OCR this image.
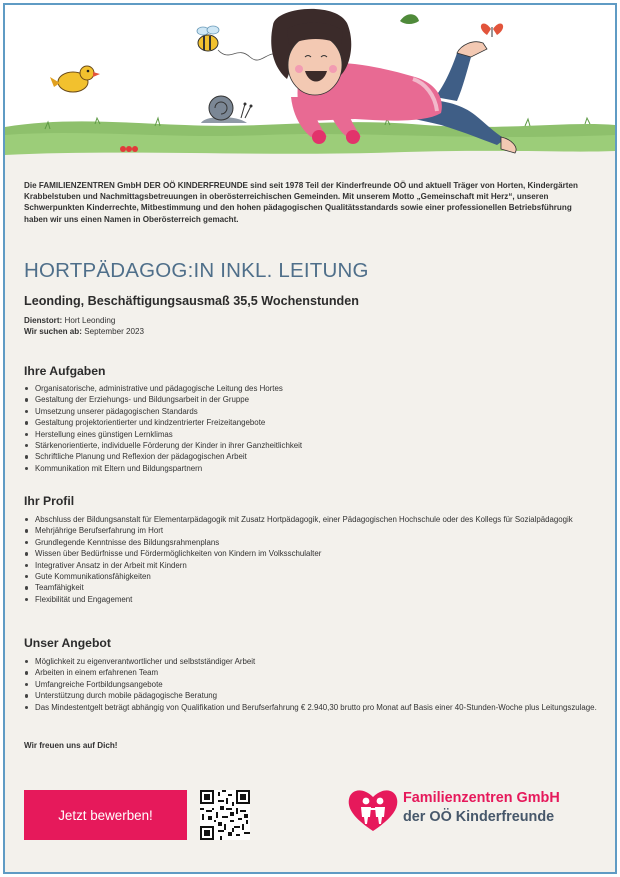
Die FAMILIENZENTREN GmbH DER OÖ KINDERFREUNDE sind seit 1978 Teil der Kinderfreunde OÖ und aktuell Träger von Horten, Kindergärten Krabbelstuben und Nachmittagsbetreuungen in oberösterreichischen Gemeinden. Mit unserem Motto „Gemeinschaft mit Herz“, unseren Schwerpunkten Kinderrechte, Mitbestimmung und den hohen pädagogischen Qualitätsstandards sowie einer professionellen Betriebsführung haben wir uns einen Namen in Oberösterreich gemacht.

HORTPÄDAGOG:IN INKL. LEITUNG
Leonding, Beschäftigungsausmaß 35,5 Wochenstunden
Dienstort: Hort Leonding
Wir suchen ab: September 2023
Ihre Aufgaben
Organisatorische, administrative und pädagogische Leitung des Hortes
Gestaltung der Erziehungs- und Bildungsarbeit in der Gruppe
Umsetzung unserer pädagogischen Standards
Gestaltung projektorientierter und kindzentrierter Freizeitangebote
Herstellung eines günstigen Lernklimas
Stärkenorientierte, individuelle Förderung der Kinder in ihrer Ganzheitlichkeit
Schriftliche Planung und Reflexion der pädagogischen Arbeit
Kommunikation mit Eltern und Bildungspartnern
Ihr Profil
Abschluss der Bildungsanstalt für Elementarpädagogik mit Zusatz Hortpädagogik, einer Pädagogischen Hochschule oder des Kollegs für Sozialpädagogik
Mehrjährige Berufserfahrung im Hort
Grundlegende Kenntnisse des Bildungsrahmenplans
Wissen über Bedürfnisse und Fördermöglichkeiten von Kindern im Volksschulalter
Integrativer Ansatz in der Arbeit mit Kindern
Gute Kommunikationsfähigkeiten
Teamfähigkeit
Flexibilität und Engagement
Unser Angebot
Möglichkeit zu eigenverantwortlicher und selbstständiger Arbeit
Arbeiten in einem erfahrenen Team
Umfangreiche Fortbildungsangebote
Unterstützung durch mobile pädagogische Beratung
Das Mindestentgelt beträgt abhängig von Qualifikation und Berufserfahrung € 2.940,30 brutto pro Monat auf Basis einer 40-Stunden-Woche plus Leitungszulage.

Wir freuen uns auf Dich!

Jetzt bewerben!
Familienzentren GmbH
der OÖ Kinderfreunde
